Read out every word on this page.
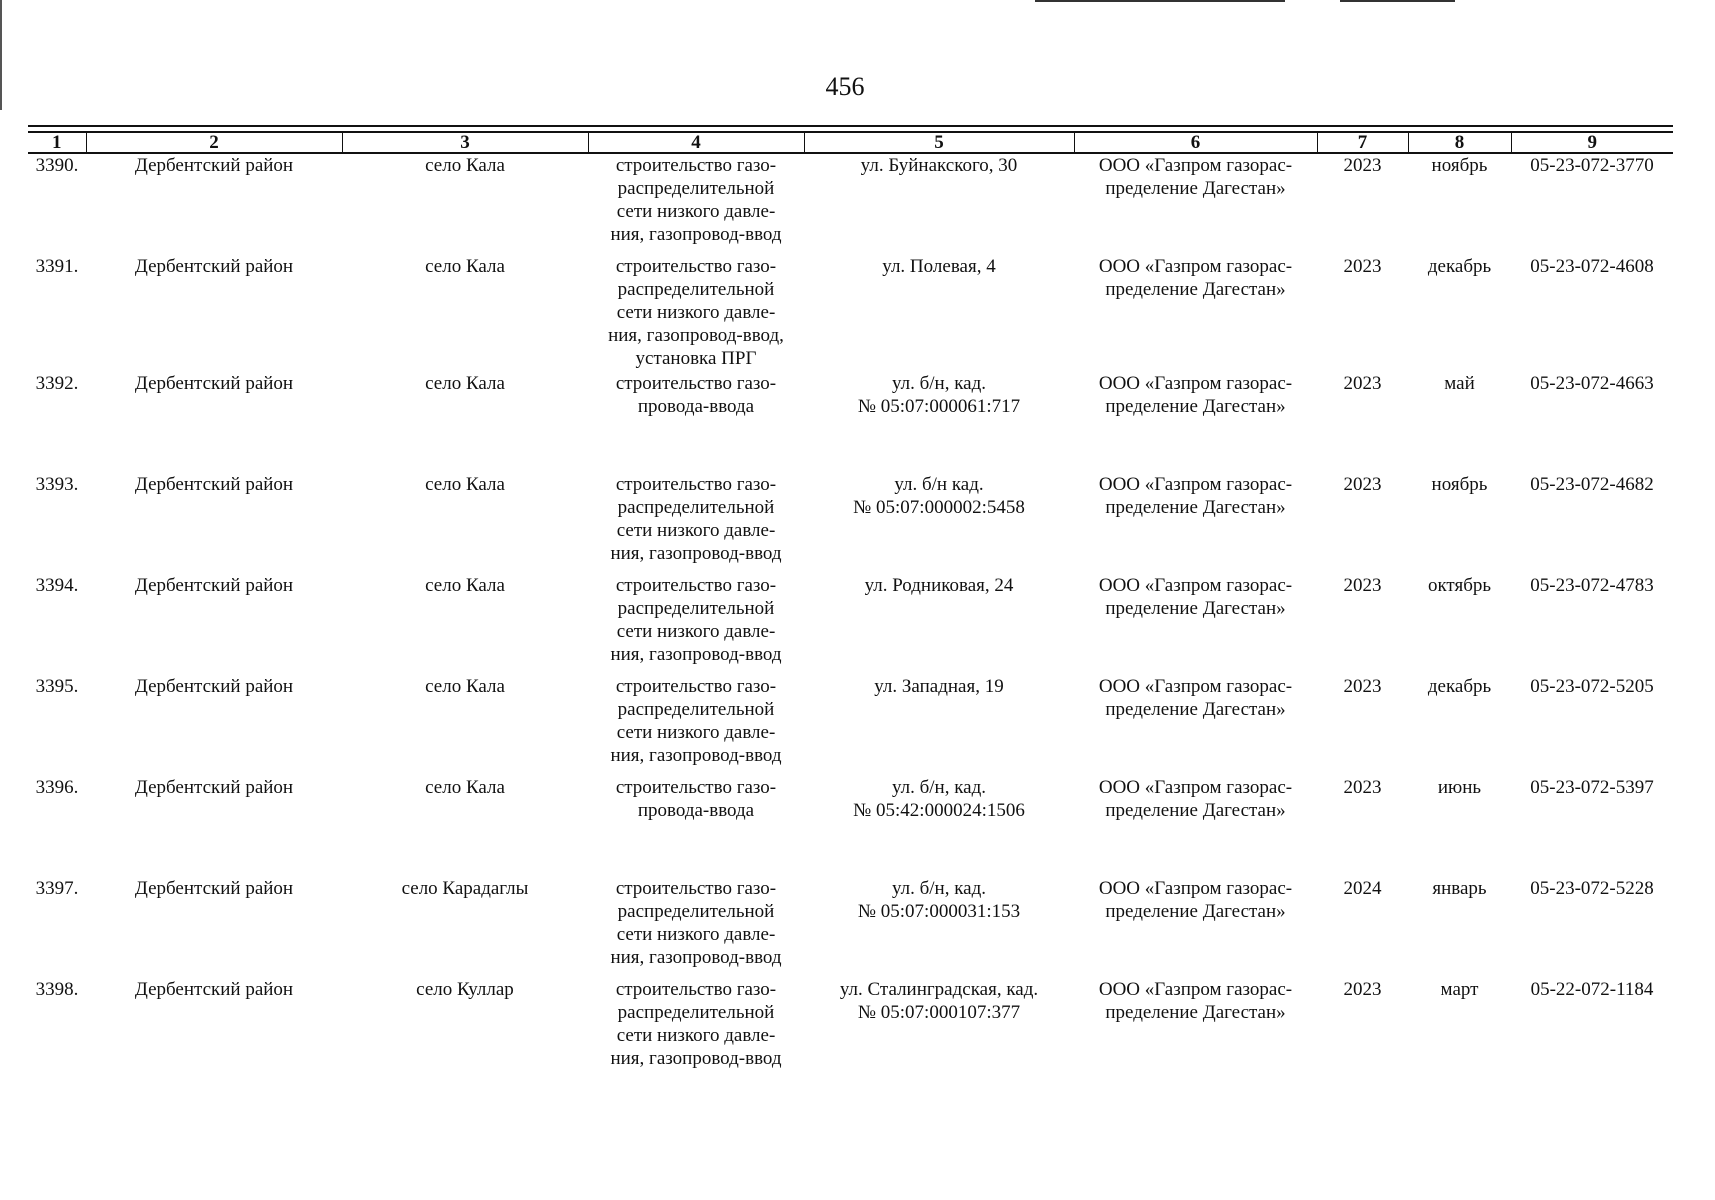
456
1	2	3	4	5	6	7	8	9
3390.	Дербентский район	село Кала	строительство газо-
распределительной
сети низкого давле-
ния, газопровод-ввод	ул. Буйнакского, 30	ООО «Газпром газорас-
пределение Дагестан»	2023	ноябрь	05-23-072-3770
3391.	Дербентский район	село Кала	строительство газо-
распределительной
сети низкого давле-
ния, газопровод-ввод,
установка ПРГ	ул. Полевая, 4	ООО «Газпром газорас-
пределение Дагестан»	2023	декабрь	05-23-072-4608
3392.	Дербентский район	село Кала	строительство газо-
провода-ввода	ул. б/н, кад.
№ 05:07:000061:717	ООО «Газпром газорас-
пределение Дагестан»	2023	май	05-23-072-4663
3393.	Дербентский район	село Кала	строительство газо-
распределительной
сети низкого давле-
ния, газопровод-ввод	ул. б/н кад.
№ 05:07:000002:5458	ООО «Газпром газорас-
пределение Дагестан»	2023	ноябрь	05-23-072-4682
3394.	Дербентский район	село Кала	строительство газо-
распределительной
сети низкого давле-
ния, газопровод-ввод	ул. Родниковая, 24	ООО «Газпром газорас-
пределение Дагестан»	2023	октябрь	05-23-072-4783
3395.	Дербентский район	село Кала	строительство газо-
распределительной
сети низкого давле-
ния, газопровод-ввод	ул. Западная, 19	ООО «Газпром газорас-
пределение Дагестан»	2023	декабрь	05-23-072-5205
3396.	Дербентский район	село Кала	строительство газо-
провода-ввода	ул. б/н, кад.
№ 05:42:000024:1506	ООО «Газпром газорас-
пределение Дагестан»	2023	июнь	05-23-072-5397
3397.	Дербентский район	село Карадаглы	строительство газо-
распределительной
сети низкого давле-
ния, газопровод-ввод	ул. б/н, кад.
№ 05:07:000031:153	ООО «Газпром газорас-
пределение Дагестан»	2024	январь	05-23-072-5228
3398.	Дербентский район	село Куллар	строительство газо-
распределительной
сети низкого давле-
ния, газопровод-ввод	ул. Сталинградская, кад.
№ 05:07:000107:377	ООО «Газпром газорас-
пределение Дагестан»	2023	март	05-22-072-1184
